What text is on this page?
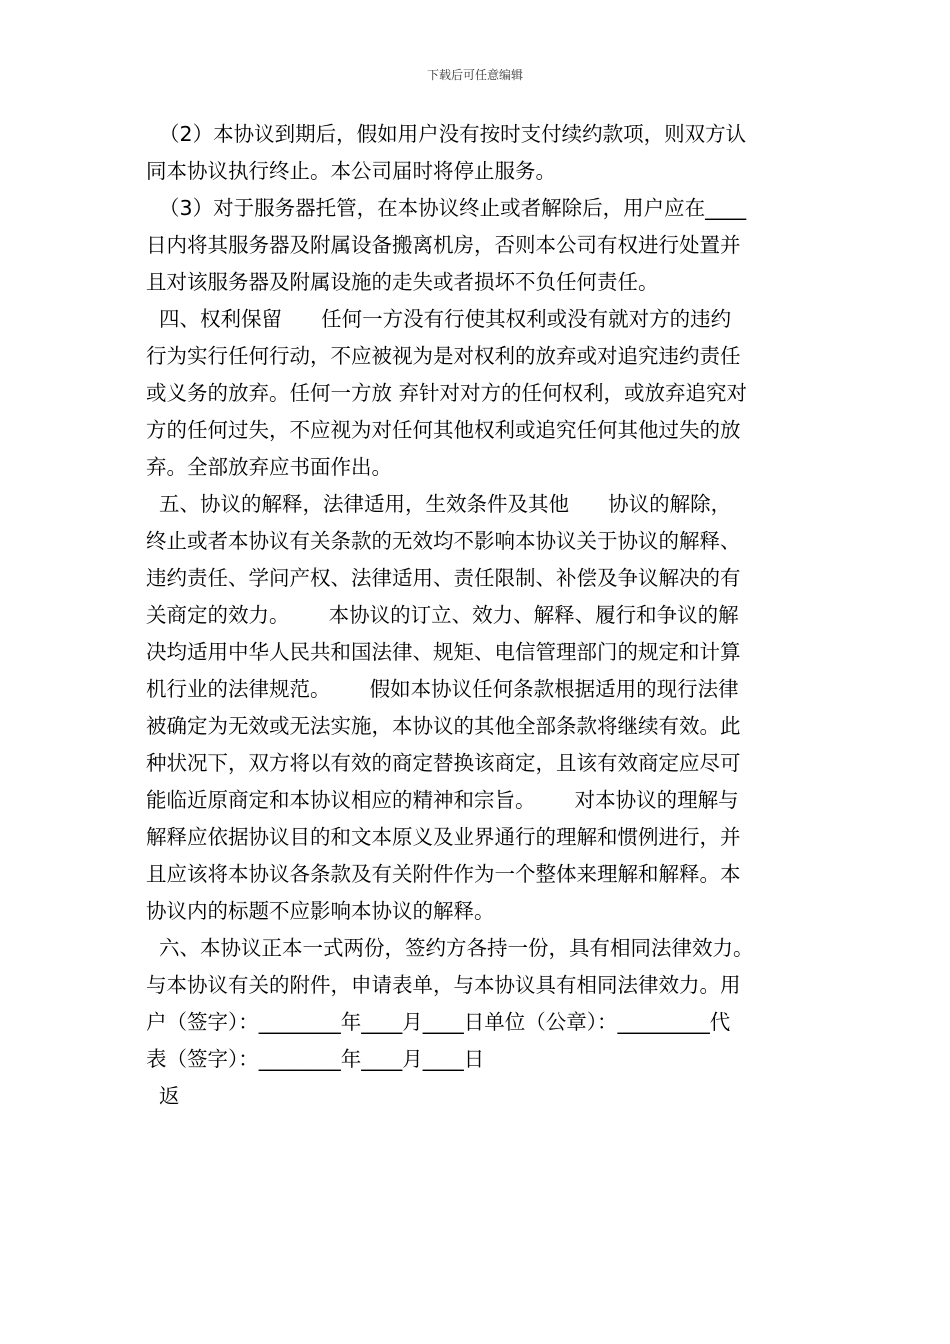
下载后可任意编辑
（2）本协议到期后，假如用户没有按时支付续约款项，则双方认
同本协议执行终止。本公司届时将停止服务。
（3）对于服务器托管，在本协议终止或者解除后，用户应在____
日内将其服务器及附属设备搬离机房，否则本公司有权进行处置并
且对该服务器及附属设施的走失或者损坏不负任何责任。
四、权利保留      任何一方没有行使其权利或没有就对方的违约
行为实行任何行动，不应被视为是对权利的放弃或对追究违约责任
或义务的放弃。任何一方放 弃针对对方的任何权利，或放弃追究对
方的任何过失，不应视为对任何其他权利或追究任何其他过失的放
弃。全部放弃应书面作出。
五、协议的解释，法律适用，生效条件及其他      协议的解除，
终止或者本协议有关条款的无效均不影响本协议关于协议的解释、
违约责任、学问产权、法律适用、责任限制、补偿及争议解决的有
关商定的效力。      本协议的订立、效力、解释、履行和争议的解
决均适用中华人民共和国法律、规矩、电信管理部门的规定和计算
机行业的法律规范。      假如本协议任何条款根据适用的现行法律
被确定为无效或无法实施，本协议的其他全部条款将继续有效。此
种状况下，双方将以有效的商定替换该商定，且该有效商定应尽可
能临近原商定和本协议相应的精神和宗旨。      对本协议的理解与
解释应依据协议目的和文本原义及业界通行的理解和惯例进行，并
且应该将本协议各条款及有关附件作为一个整体来理解和解释。本
协议内的标题不应影响本协议的解释。
六、本协议正本一式两份，签约方各持一份，具有相同法律效力。
与本协议有关的附件，申请表单，与本协议具有相同法律效力。用
户（签字）：________年____月____日单位（公章）：_________代
表（签字）：________年____月____日
返
